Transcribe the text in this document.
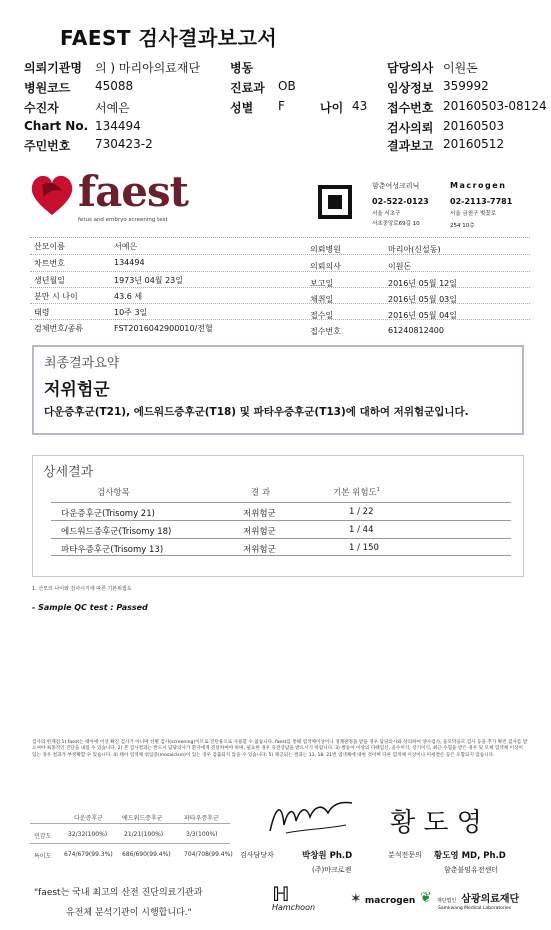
FAEST 검사결과보고서
의뢰기관명 의 ) 마리아의료재단 병동	담당의사 이원돈
병원코드 45088	진료과 OB	임상정보 359992
수진자	서예은	성별 F	나이 43 접수번호 20160503-08124
Chart No. 134494	검사의뢰 20160503
주민번호 730423-2	결과보고 20160512
faest
fetus and embryo screening test
함춘여성크리닉
02-522-0123
서울 서초구
서초중앙로69길 10
Macrogen
02-2113-7781
서울 금천구 벚꽃로
254 10층
산모이름	서예은
차트번호	134494
생년월일	1973년 04월 23일
분만 시 나이	43.6 세
태령	10주 3일
검체번호/종류	FST2016042900010/전혈
의뢰병원	마리아(신설동)
의뢰의사	이원돈
보고일	2016년 05월 12일
채취일	2016년 05월 03일
접수일	2016년 05월 04일
접수번호	61240812400
최종결과요약
저위험군
다운증후군(T21), 에드워드증후군(T18) 및 파타우증후군(T13)에 대하여 저위험군입니다.
상세결과
검사항목	결 과	기본 위험도$^1$
다운증후군(Trisomy 21)	저위험군	1 / 22
에드워드증후군(Trisomy 18)	저위험군	1 / 44
파타우증후군(Trisomy 13)	저위험군	1 / 150
1. 산모의 나이와 검사시기에 따른 기본위험도
- Sample QC test : Passed
검사의 한계점 1) faest는 태아에 이상 확진 검사가 아니며 선별 검사(screening)이므로 진단용으로 사용할 수 없습니다. faest를 통해 염색체이상이나 경계판정을 받을 경우 담당의사와 상의하여 양수검사, 융모막융모 검사 등을 추가 확진 검사를 받으셔야 최종적인 진단을 내릴 수 있습니다. 2) 본 검사결과는 반드시 담당의사가 환자에게 전달하여야 하며, 필요한 경우 유전상담을 받으시기 바랍니다. 3) 쌍둥이 이상의 다태임신, 골수이식, 장기이식, 최근 수혈을 받은 경우 및 모체 염색체 이상이 있는 경우 결과가 부정확할 수 있습니다. 4) 태아 염색체 섞임증(mosaicism)이 있는 경우 검출되지 않을 수 있습니다. 5) 제공되는 결과는 13, 18, 21번 염색체에 대한 것이며 다른 염색체 이상이나 미세결손 등은 포함되지 않습니다.
다운증후군	에드워드증후군	파타우증후군
민감도	32/32(100%)	21/21(100%)	3/3(100%)
특이도 674/679(99.3%) 686/690(99.4%) 704/708(99.4%)
황 도 영
검사담당자	박창원 Ph.D
(주)마크로젠
분석전문의 황도영 MD, Ph.D
함춘불임유전센터
"faest는 국내 최고의 산전 진단의료기관과
유전체 분석기관이 시행합니다."
ℍ
Hamchoon
✶ macrogen ❦ 재단법인 삼광의료재단
Samkwang Medical Laboratories
